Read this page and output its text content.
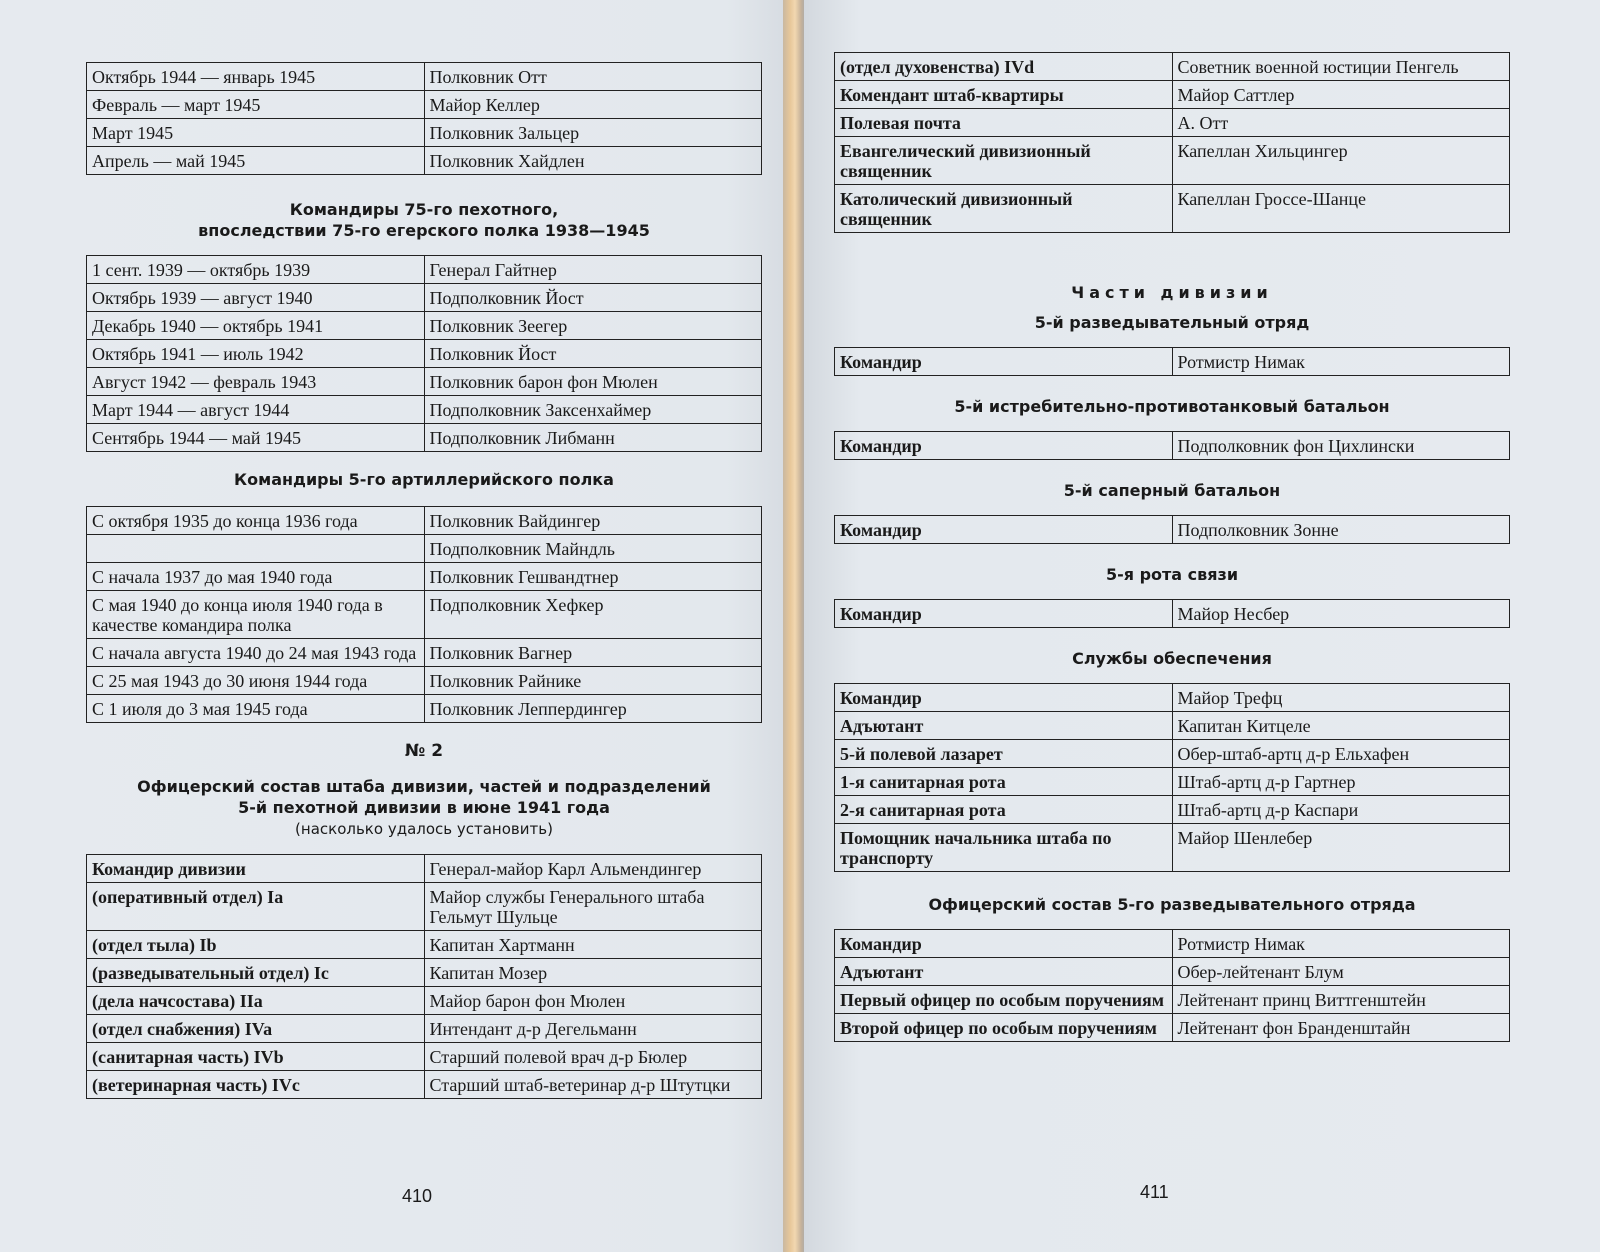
Октябрь 1944 — январь 1945	Полковник Отт
Февраль — март 1945	Майор Келлер
Март 1945	Полковник Зальцер
Апрель — май 1945	Полковник Хайдлен

Командиры 75-го пехотного,
впоследствии 75-го егерского полка 1938—1945

1 сент. 1939 — октябрь 1939	Генерал Гайтнер
Октябрь 1939 — август 1940	Подполковник Йост
Декабрь 1940 — октябрь 1941	Полковник Зеегер
Октябрь 1941 — июль 1942	Полковник Йост
Август 1942 — февраль 1943	Полковник барон фон Мюлен
Март 1944 — август 1944	Подполковник Заксенхаймер
Сентябрь 1944 — май 1945	Подполковник Либманн

Командиры 5-го артиллерийского полка

С октября 1935 до конца 1936 года	Полковник Вайдингер
	Подполковник Майндль
С начала 1937 до мая 1940 года	Полковник Гешвандтнер
С мая 1940 до конца июля 1940 года в качестве командира полка	Подполковник Хефкер
С начала августа 1940 до 24 мая 1943 года	Полковник Вагнер
С 25 мая 1943 до 30 июня 1944 года	Полковник Райнике
С 1 июля до 3 мая 1945 года	Полковник Леппердингер

№ 2

Офицерский состав штаба дивизии, частей и подразделений
5-й пехотной дивизии в июне 1941 года
(насколько удалось установить)

Командир дивизии	Генерал-майор Карл Альмендингер
(оперативный отдел) Ia	Майор службы Генерального штаба Гельмут Шульце
(отдел тыла) Ib	Капитан Хартманн
(разведывательный отдел) Ic	Капитан Мозер
(дела начсостава) IIa	Майор барон фон Мюлен
(отдел снабжения) IVa	Интендант д-р Дегельманн
(санитарная часть) IVb	Старший полевой врач д-р Бюлер
(ветеринарная часть) IVc	Старший штаб-ветеринар д-р Штутцки
410
(отдел духовенства) IVd	Советник военной юстиции Пенгель
Комендант штаб-квартиры	Майор Саттлер
Полевая почта	А. Отт
Евангелический дивизионный священник	Капеллан Хильцингер
Католический дивизионный священник	Капеллан Гроссе-Шанце

Части дивизии

5-й разведывательный отряд

Командир	Ротмистр Нимак

5-й истребительно-противотанковый батальон

Командир	Подполковник фон Цихлински

5-й саперный батальон

Командир	Подполковник Зонне

5-я рота связи

Командир	Майор Несбер

Службы обеспечения

Командир	Майор Трефц
Адъютант	Капитан Китцеле
5-й полевой лазарет	Обер-штаб-артц д-р Ельхафен
1-я санитарная рота	Штаб-артц д-р Гартнер
2-я санитарная рота	Штаб-артц д-р Каспари
Помощник начальника штаба по транспорту	Майор Шенлебер

Офицерский состав 5-го разведывательного отряда

Командир	Ротмистр Нимак
Адъютант	Обер-лейтенант Блум
Первый офицер по особым поручениям	Лейтенант принц Виттгенштейн
Второй офицер по особым поручениям	Лейтенант фон Бранденштайн
411
